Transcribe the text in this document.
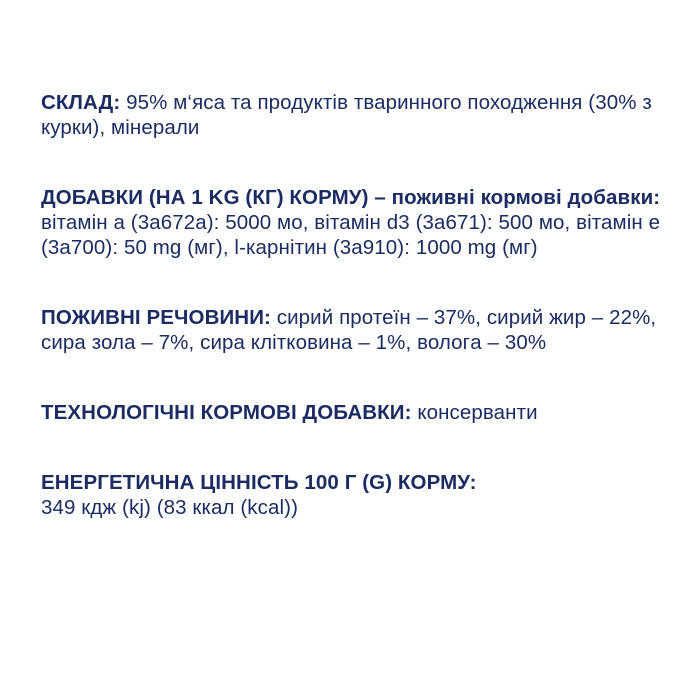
СКЛАД: 95% м‘яса та продуктів тваринного походження (30% з курки), мінерали

ДОБАВКИ (НА 1 KG (КГ) КОРМУ) – поживні кормові добавки: вітамін а (3а672а): 5000 мо, вітамін d3 (3а671): 500 мо, вітамін е (3а700): 50 mg (мг), l-карнітин (3а910): 1000 mg (мг)

ПОЖИВНІ РЕЧОВИНИ: сирий протеїн – 37%, сирий жир – 22%, сира зола – 7%, сира клітковина – 1%, вологa – 30%

ТЕХНОЛОГІЧНІ КОРМОВІ ДОБАВКИ: консерванти

ЕНЕРГЕТИЧНА ЦІННІСТЬ 100 Г (G) КОРМУ:
349 кдж (kj) (83 ккал (kcal))
